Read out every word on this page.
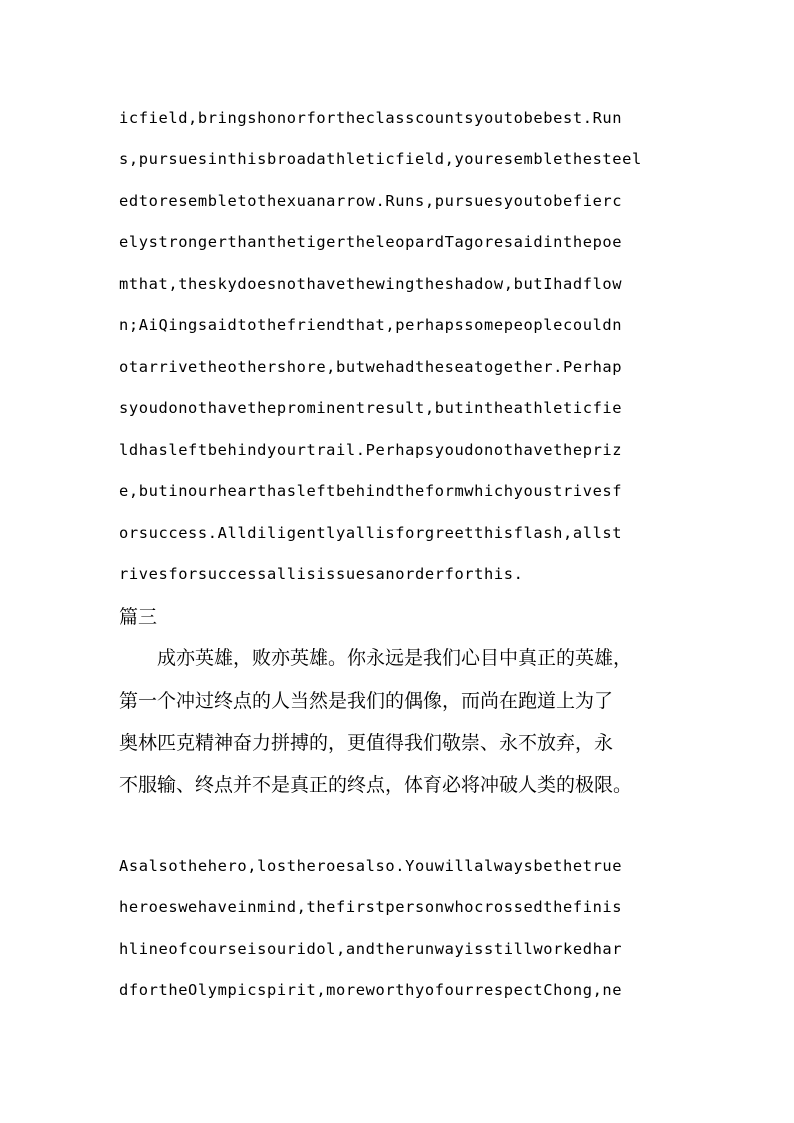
icfield,bringshonorfortheclasscountsyoutobebest.Run
s,pursuesinthisbroadathleticfield,youresemblethesteel
edtoresembletothexuanarrow.Runs,pursuesyoutobefierc
elystrongerthanthetigertheleopardTagoresaidinthepoe
mthat,theskydoesnothavethewingtheshadow,butIhadflow
n;AiQingsaidtothefriendthat,perhapssomepeoplecouldn
otarrivetheothershore,butwehadtheseatogether.Perhap
syoudonothavetheprominentresult,butintheathleticfie
ldhasleftbehindyourtrail.Perhapsyoudonothavethepriz
e,butinourhearthasleftbehindtheformwhichyoustrivesf
orsuccess.Alldiligentlyallisforgreetthisflash,allst
rivesforsuccessallisissuesanorderforthis.
篇三
　　成亦英雄，败亦英雄。你永远是我们心目中真正的英雄，
第一个冲过终点的人当然是我们的偶像，而尚在跑道上为了
奥林匹克精神奋力拼搏的，更值得我们敬崇、永不放弃，永
不服输、终点并不是真正的终点，体育必将冲破人类的极限。
Asalsothehero,lostheroesalso.Youwillalwaysbethetrue
heroeswehaveinmind,thefirstpersonwhocrossedthefinis
hlineofcourseisouridol,andtherunwayisstillworkedhar
dfortheOlympicspirit,moreworthyofourrespectChong,ne
